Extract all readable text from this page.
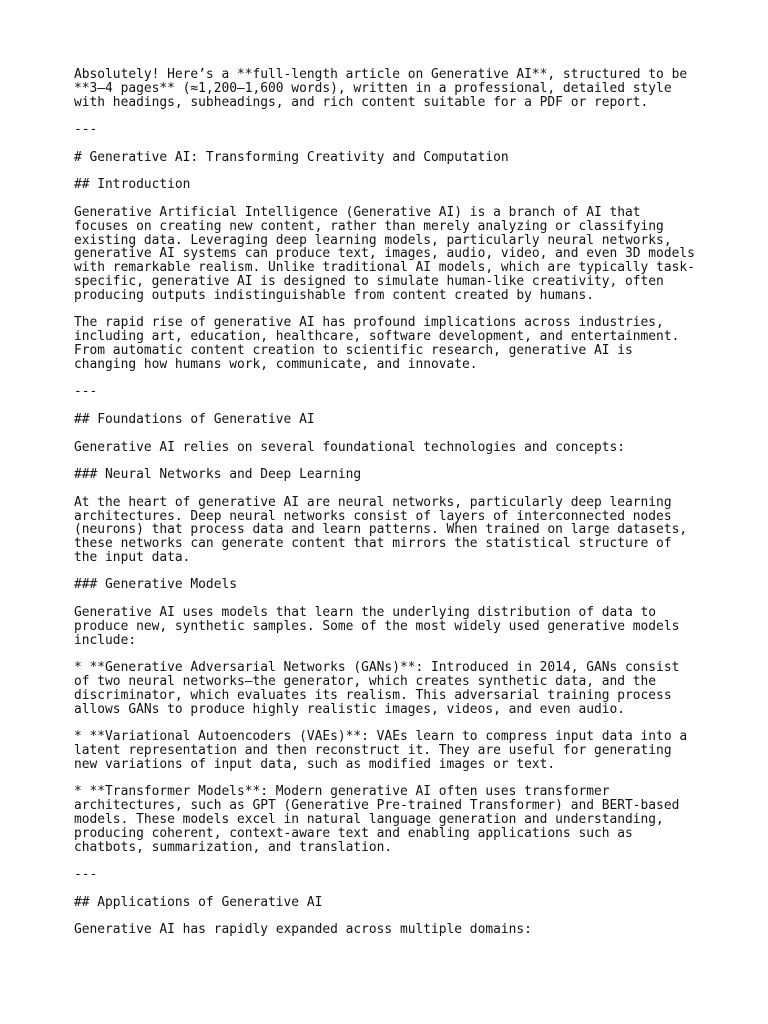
Absolutely! Here’s a **full-length article on Generative AI**, structured to be
**3–4 pages** (≈1,200–1,600 words), written in a professional, detailed style
with headings, subheadings, and rich content suitable for a PDF or report.
---
# Generative AI: Transforming Creativity and Computation
## Introduction
Generative Artificial Intelligence (Generative AI) is a branch of AI that
focuses on creating new content, rather than merely analyzing or classifying
existing data. Leveraging deep learning models, particularly neural networks,
generative AI systems can produce text, images, audio, video, and even 3D models
with remarkable realism. Unlike traditional AI models, which are typically task-
specific, generative AI is designed to simulate human-like creativity, often
producing outputs indistinguishable from content created by humans.
The rapid rise of generative AI has profound implications across industries,
including art, education, healthcare, software development, and entertainment.
From automatic content creation to scientific research, generative AI is
changing how humans work, communicate, and innovate.
---
## Foundations of Generative AI
Generative AI relies on several foundational technologies and concepts:
### Neural Networks and Deep Learning
At the heart of generative AI are neural networks, particularly deep learning
architectures. Deep neural networks consist of layers of interconnected nodes
(neurons) that process data and learn patterns. When trained on large datasets,
these networks can generate content that mirrors the statistical structure of
the input data.
### Generative Models
Generative AI uses models that learn the underlying distribution of data to
produce new, synthetic samples. Some of the most widely used generative models
include:
* **Generative Adversarial Networks (GANs)**: Introduced in 2014, GANs consist
of two neural networks—the generator, which creates synthetic data, and the
discriminator, which evaluates its realism. This adversarial training process
allows GANs to produce highly realistic images, videos, and even audio.
* **Variational Autoencoders (VAEs)**: VAEs learn to compress input data into a
latent representation and then reconstruct it. They are useful for generating
new variations of input data, such as modified images or text.
* **Transformer Models**: Modern generative AI often uses transformer
architectures, such as GPT (Generative Pre-trained Transformer) and BERT-based
models. These models excel in natural language generation and understanding,
producing coherent, context-aware text and enabling applications such as
chatbots, summarization, and translation.
---
## Applications of Generative AI
Generative AI has rapidly expanded across multiple domains:
